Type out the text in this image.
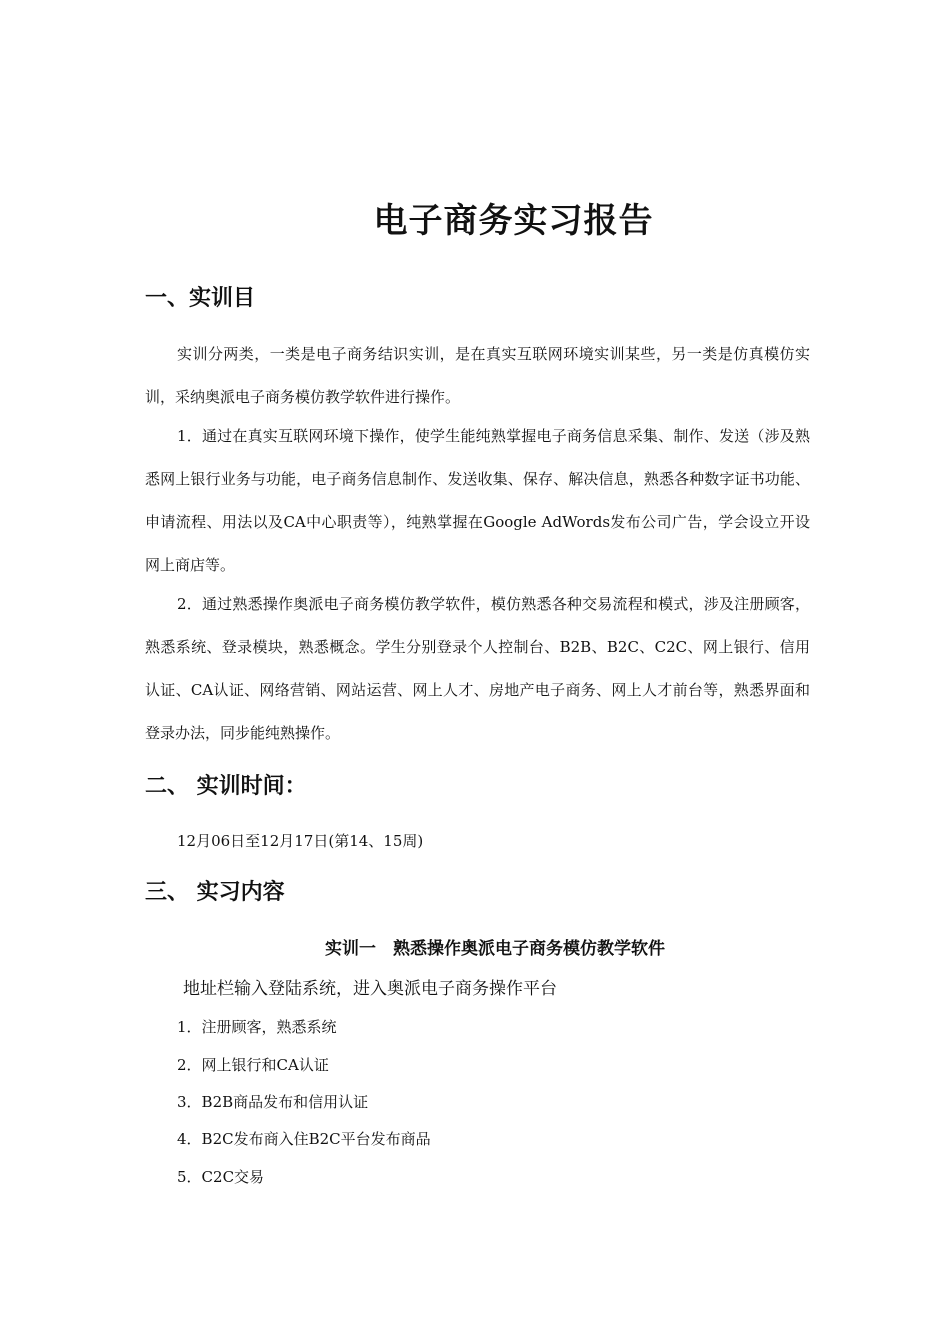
电子商务实习报告
一、实训目
实训分两类，一类是电子商务结识实训，是在真实互联网环境实训某些，另一类是仿真模仿实训，采纳奥派电子商务模仿教学软件进行操作。
1．通过在真实互联网环境下操作，使学生能纯熟掌握电子商务信息采集、制作、发送（涉及熟悉网上银行业务与功能，电子商务信息制作、发送收集、保存、解决信息，熟悉各种数字证书功能、申请流程、用法以及CA中心职责等），纯熟掌握在Google AdWords发布公司广告，学会设立开设网上商店等。
2．通过熟悉操作奥派电子商务模仿教学软件，模仿熟悉各种交易流程和模式，涉及注册顾客，熟悉系统、登录模块，熟悉概念。学生分别登录个人控制台、B2B、B2C、C2C、网上银行、信用认证、CA认证、网络营销、网站运营、网上人才、房地产电子商务、网上人才前台等，熟悉界面和登录办法，同步能纯熟操作。
二、 实训时间：
12月06日至12月17日(第14、15周)
三、 实习内容
实训一　熟悉操作奥派电子商务模仿教学软件
地址栏输入登陆系统，进入奥派电子商务操作平台
1．注册顾客，熟悉系统
2．网上银行和CA认证
3．B2B商品发布和信用认证
4．B2C发布商入住B2C平台发布商品
5．C2C交易
